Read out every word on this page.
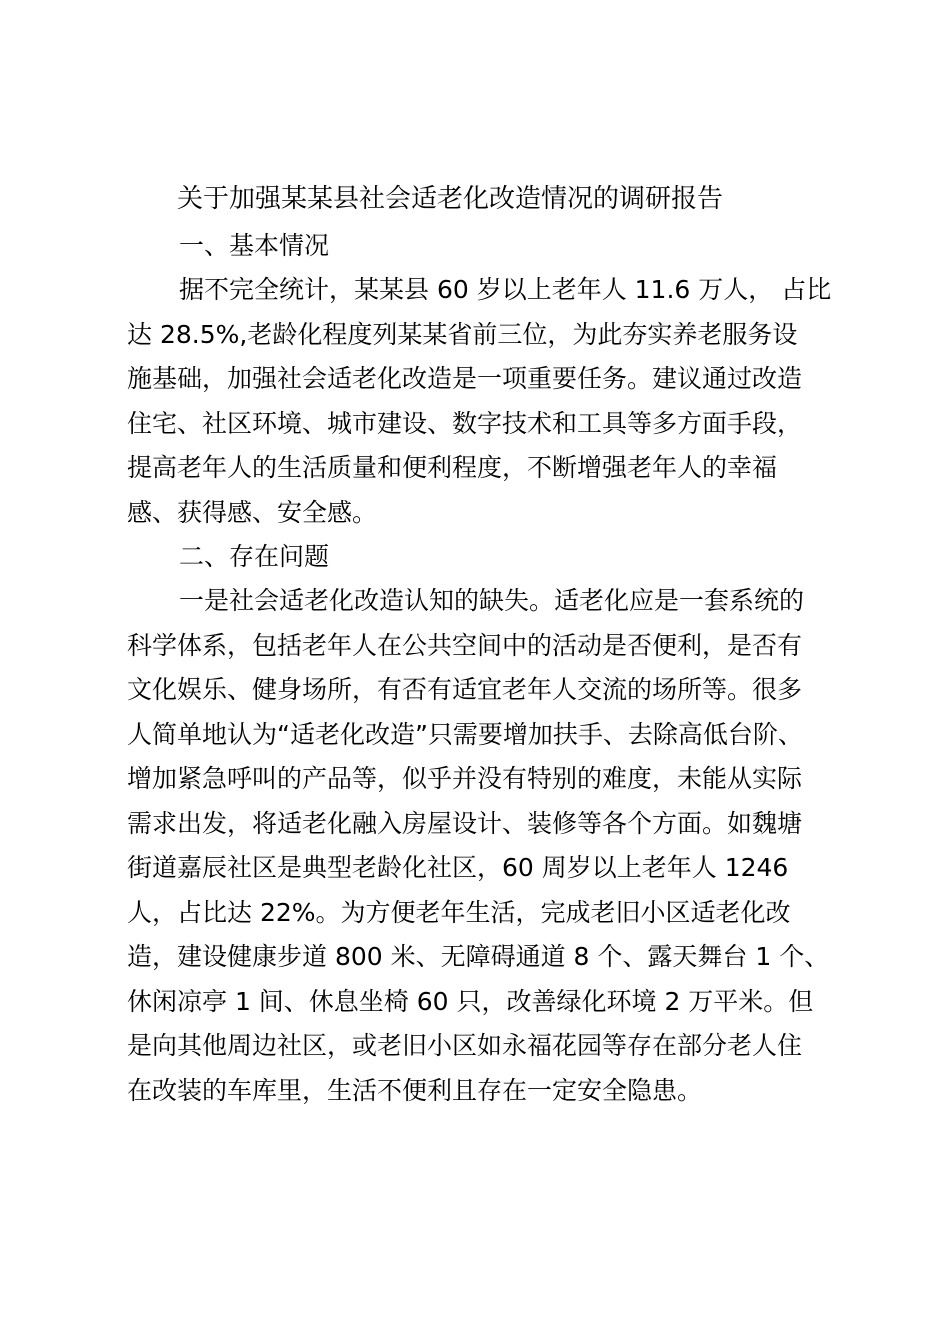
关于加强某某县社会适老化改造情况的调研报告

一、基本情况

据不完全统计，某某县 60 岁以上老年人 11.6 万人， 占比
达 28.5%,老龄化程度列某某省前三位，为此夯实养老服务设
施基础，加强社会适老化改造是一项重要任务。建议通过改造
住宅、社区环境、城市建设、数字技术和工具等多方面手段，
提高老年人的生活质量和便利程度，不断增强老年人的幸福
感、获得感、安全感。

二、存在问题

一是社会适老化改造认知的缺失。适老化应是一套系统的
科学体系，包括老年人在公共空间中的活动是否便利，是否有
文化娱乐、健身场所，有否有适宜老年人交流的场所等。很多
人简单地认为“适老化改造”只需要增加扶手、去除高低台阶、
增加紧急呼叫的产品等，似乎并没有特别的难度，未能从实际
需求出发，将适老化融入房屋设计、装修等各个方面。如魏塘
街道嘉辰社区是典型老龄化社区，60 周岁以上老年人 1246
人，占比达 22%。为方便老年生活，完成老旧小区适老化改
造，建设健康步道 800 米、无障碍通道 8 个、露天舞台 1 个、
休闲凉亭 1 间、休息坐椅 60 只，改善绿化环境 2 万平米。但
是向其他周边社区，或老旧小区如永福花园等存在部分老人住
在改装的车库里，生活不便利且存在一定安全隐患。
